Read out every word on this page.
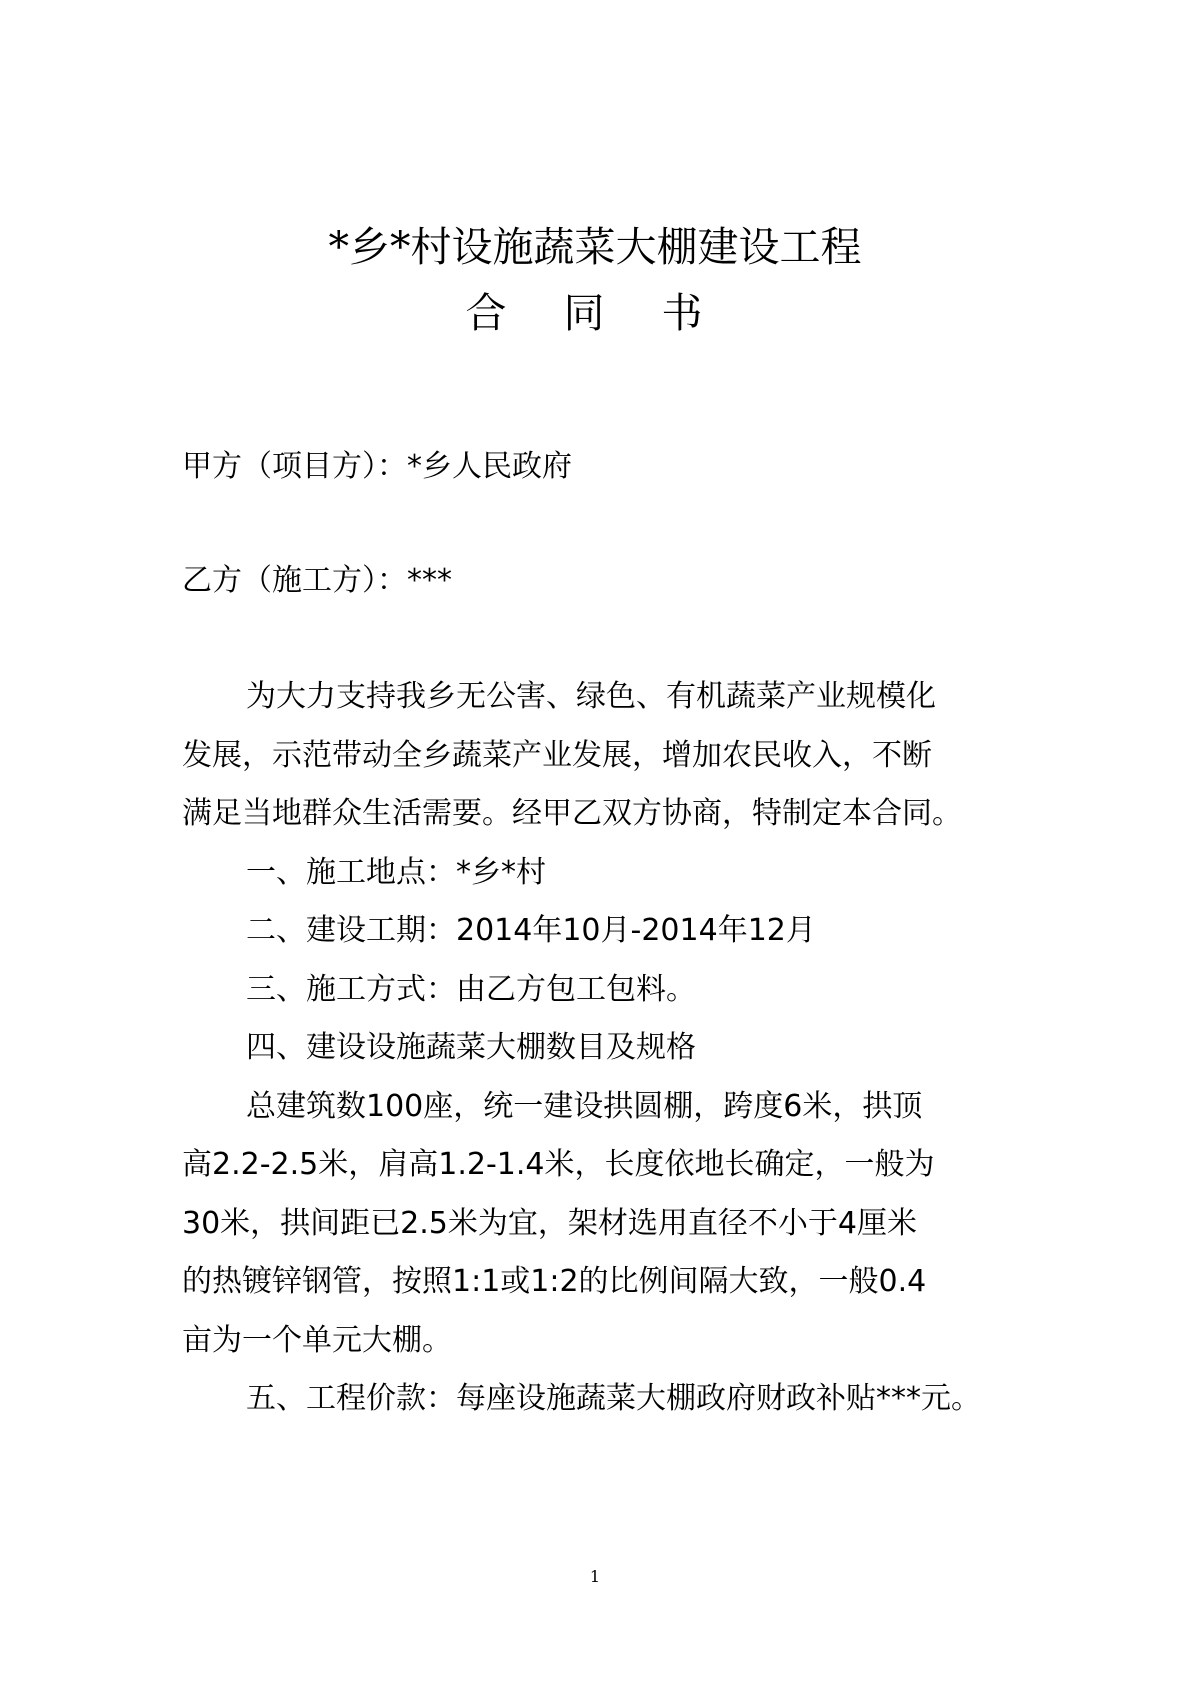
*乡*村设施蔬菜大棚建设工程
合 同 书
甲方（项目方）：*乡人民政府
乙方（施工方）：***
为大力支持我乡无公害、绿色、有机蔬菜产业规模化
发展，示范带动全乡蔬菜产业发展，增加农民收入，不断
满足当地群众生活需要。经甲乙双方协商，特制定本合同。
一、施工地点：*乡*村
二、建设工期：2014年10月-2014年12月
三、施工方式：由乙方包工包料。
四、建设设施蔬菜大棚数目及规格
总建筑数100座，统一建设拱圆棚，跨度6米，拱顶
高2.2-2.5米，肩高1.2-1.4米，长度依地长确定，一般为
30米，拱间距已2.5米为宜，架材选用直径不小于4厘米
的热镀锌钢管，按照1:1或1:2的比例间隔大致，一般0.4
亩为一个单元大棚。
五、工程价款：每座设施蔬菜大棚政府财政补贴***元。
1
